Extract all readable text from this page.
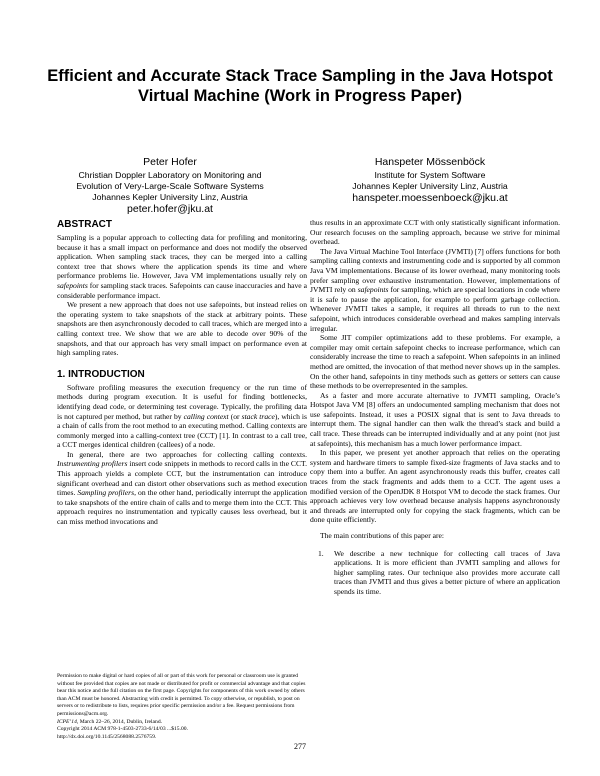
Efficient and Accurate Stack Trace Sampling in the Java Hotspot Virtual Machine (Work in Progress Paper)
Peter Hofer
Christian Doppler Laboratory on Monitoring and
Evolution of Very-Large-Scale Software Systems
Johannes Kepler University Linz, Austria
peter.hofer@jku.at
Hanspeter Mössenböck
Institute for System Software
Johannes Kepler University Linz, Austria
hanspeter.moessenboeck@jku.at
ABSTRACT

Sampling is a popular approach to collecting data for profiling and monitoring, because it has a small impact on performance and does not modify the observed application. When sampling stack traces, they can be merged into a calling context tree that shows where the application spends its time and where performance problems lie. However, Java VM implementations usually rely on safepoints for sampling stack traces. Safepoints can cause inaccuracies and have a considerable performance impact.

We present a new approach that does not use safepoints, but instead relies on the operating system to take snapshots of the stack at arbitrary points. These snapshots are then asynchronously decoded to call traces, which are merged into a calling context tree. We show that we are able to decode over 90% of the snapshots, and that our approach has very small impact on performance even at high sampling rates.

1. INTRODUCTION

Software profiling measures the execution frequency or the run time of methods during program execution. It is useful for finding bottlenecks, identifying dead code, or determining test coverage. Typically, the profiling data is not captured per method, but rather by calling context (or stack trace), which is a chain of calls from the root method to an executing method. Calling contexts are commonly merged into a calling-context tree (CCT) [1]. In contrast to a call tree, a CCT merges identical children (callees) of a node.

In general, there are two approaches for collecting calling contexts. Instrumenting profilers insert code snippets in methods to record calls in the CCT. This approach yields a complete CCT, but the instrumentation can introduce significant overhead and can distort other observations such as method execution times. Sampling profilers, on the other hand, periodically interrupt the application to take snapshots of the entire chain of calls and to merge them into the CCT. This approach requires no instrumentation and typically causes less overhead, but it can miss method invocations and

Permission to make digital or hard copies of all or part of this work for personal or classroom use is granted without fee provided that copies are not made or distributed for profit or commercial advantage and that copies bear this notice and the full citation on the first page. Copyrights for components of this work owned by others than ACM must be honored. Abstracting with credit is permitted. To copy otherwise, or republish, to post on servers or to redistribute to lists, requires prior specific permission and/or a fee. Request permissions from permissions@acm.org.
ICPE’14, March 22–26, 2014, Dublin, Ireland.
Copyright 2014 ACM 978-1-4503-2733-6/14/03 ...$15.00.
http://dx.doi.org/10.1145/2568088.2576759.

thus results in an approximate CCT with only statistically significant information. Our research focuses on the sampling approach, because we strive for minimal overhead.

The Java Virtual Machine Tool Interface (JVMTI) [7] offers functions for both sampling calling contexts and instrumenting code and is supported by all common Java VM implementations. Because of its lower overhead, many monitoring tools prefer sampling over exhaustive instrumentation. However, implementations of JVMTI rely on safepoints for sampling, which are special locations in code where it is safe to pause the application, for example to perform garbage collection. Whenever JVMTI takes a sample, it requires all threads to run to the next safepoint, which introduces considerable overhead and makes sampling intervals irregular.

Some JIT compiler optimizations add to these problems. For example, a compiler may omit certain safepoint checks to increase performance, which can considerably increase the time to reach a safepoint. When safepoints in an inlined method are omitted, the invocation of that method never shows up in the samples. On the other hand, safepoints in tiny methods such as getters or setters can cause these methods to be overrepresented in the samples.

As a faster and more accurate alternative to JVMTI sampling, Oracle’s Hotspot Java VM [8] offers an undocumented sampling mechanism that does not use safepoints. Instead, it uses a POSIX signal that is sent to Java threads to interrupt them. The signal handler can then walk the thread’s stack and build a call trace. These threads can be interrupted individually and at any point (not just at safepoints), this mechanism has a much lower performance impact.

In this paper, we present yet another approach that relies on the operating system and hardware timers to sample fixed-size fragments of Java stacks and to copy them into a buffer. An agent asynchronously reads this buffer, creates call traces from the stack fragments and adds them to a CCT. The agent uses a modified version of the OpenJDK 8 Hotspot VM to decode the stack frames. Our approach achieves very low overhead because analysis happens asynchronously and threads are interrupted only for copying the stack fragments, which can be done quite efficiently.

The main contributions of this paper are:

1.	We describe a new technique for collecting call traces of Java applications. It is more efficient than JVMTI sampling and allows for higher sampling rates. Our technique also provides more accurate call traces than JVMTI and thus gives a better picture of where an application spends its time.
277
